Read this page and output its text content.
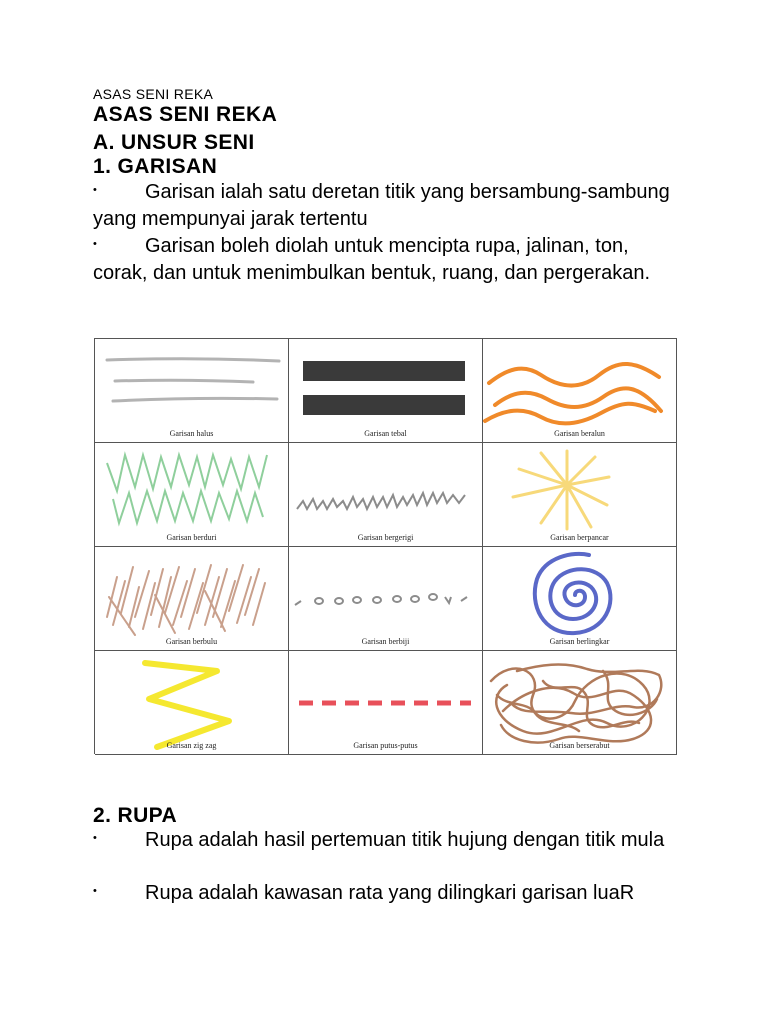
ASAS SENI REKA
ASAS SENI REKA
A. UNSUR SENI
1. GARISAN
• Garisan ialah satu deretan titik yang bersambung-sambung yang mempunyai jarak tertentu
• Garisan boleh diolah untuk mencipta rupa, jalinan, ton, corak, dan untuk menimbulkan bentuk, ruang, dan pergerakan.
Garisan halus	Garisan tebal	Garisan beralun
Garisan berduri	Garisan bergerigi	Garisan berpancar
Garisan berbulu	Garisan berbiji	Garisan berlingkar
Garisan zig zag	Garisan putus-putus	Garisan berserabut
2. RUPA
• Rupa adalah hasil pertemuan titik hujung dengan titik mula
• Rupa adalah kawasan rata yang dilingkari garisan luaR
